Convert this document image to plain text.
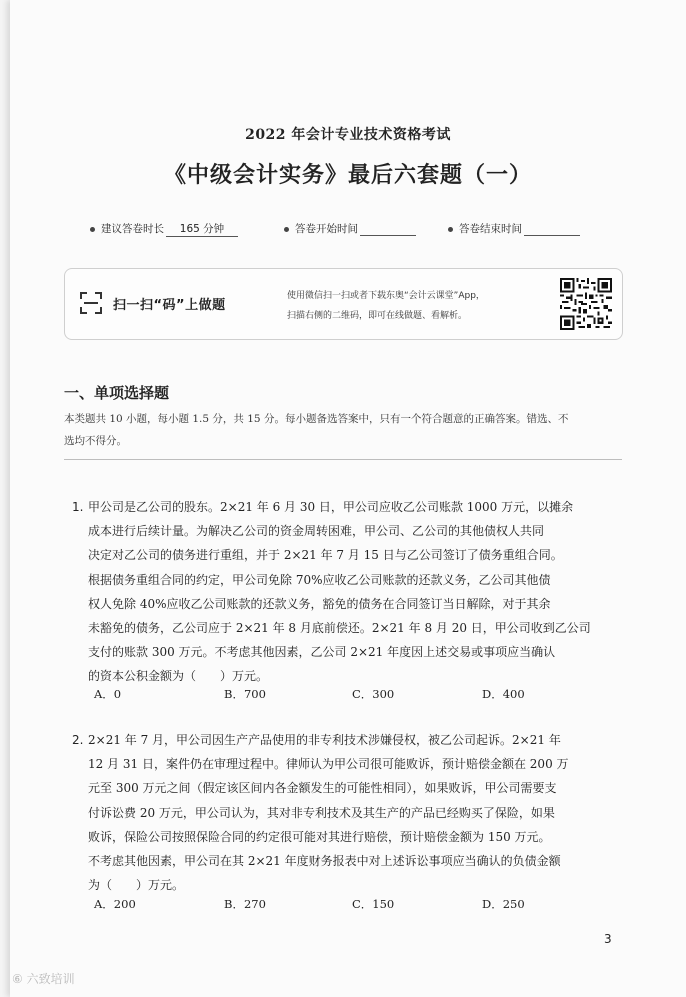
2022 年会计专业技术资格考试
《中级会计实务》最后六套题（一）
建议答卷时长 165 分钟	答卷开始时间	答卷结束时间
扫一扫“码”上做题
使用微信扫一扫或者下载东奥“会计云课堂”App，
扫描右侧的二维码，即可在线做题、看解析。
一、单项选择题
本类题共 10 小题，每小题 1.5 分，共 15 分。每小题备选答案中，只有一个符合题意的正确答案。错选、不
选均不得分。
1. 甲公司是乙公司的股东。2×21 年 6 月 30 日，甲公司应收乙公司账款 1000 万元，以摊余
成本进行后续计量。为解决乙公司的资金周转困难，甲公司、乙公司的其他债权人共同
决定对乙公司的债务进行重组，并于 2×21 年 7 月 15 日与乙公司签订了债务重组合同。
根据债务重组合同的约定，甲公司免除 70%应收乙公司账款的还款义务，乙公司其他债
权人免除 40%应收乙公司账款的还款义务，豁免的债务在合同签订当日解除，对于其余
未豁免的债务，乙公司应于 2×21 年 8 月底前偿还。2×21 年 8 月 20 日，甲公司收到乙公司
支付的账款 300 万元。不考虑其他因素，乙公司 2×21 年度因上述交易或事项应当确认
的资本公积金额为（　　）万元。
A．0	B．700	C．300	D．400
2. 2×21 年 7 月，甲公司因生产产品使用的非专利技术涉嫌侵权，被乙公司起诉。2×21 年
12 月 31 日，案件仍在审理过程中。律师认为甲公司很可能败诉，预计赔偿金额在 200 万
元至 300 万元之间（假定该区间内各金额发生的可能性相同），如果败诉，甲公司需要支
付诉讼费 20 万元，甲公司认为，其对非专利技术及其生产的产品已经购买了保险，如果
败诉，保险公司按照保险合同的约定很可能对其进行赔偿，预计赔偿金额为 150 万元。
不考虑其他因素，甲公司在其 2×21 年度财务报表中对上述诉讼事项应当确认的负债金额
为（　　）万元。
A．200	B．270	C．150	D．250
3
⑥ 六致培训
